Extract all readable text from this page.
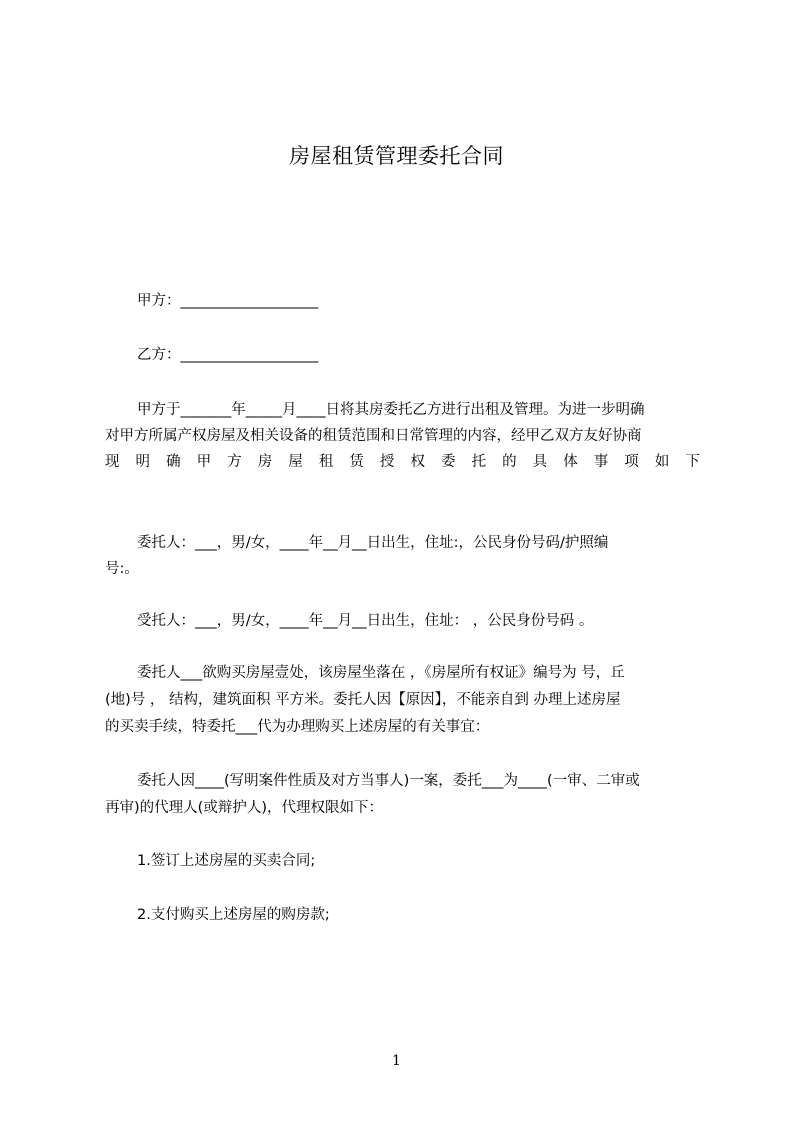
房屋租赁管理委托合同
甲方：___________________
乙方：___________________
甲方于_______年_____月____日将其房委托乙方进行出租及管理。为进一步明确
对甲方所属产权房屋及相关设备的租赁范围和日常管理的内容，经甲乙双方友好协商
现 明 确 甲 方 房 屋 租 赁 授 权 委 托 的 具 体 事 项 如 下
委托人：___，男/女，____年__月__日出生，住址:，公民身份号码/护照编
号:。
受托人：___，男/女，____年__月__日出生，住址： ，公民身份号码 。
委托人___欲购买房屋壹处，该房屋坐落在 ，《房屋所有权证》编号为 号，丘
(地)号 ， 结构，建筑面积 平方米。委托人因【原因】，不能亲自到 办理上述房屋
的买卖手续，特委托___代为办理购买上述房屋的有关事宜：
委托人因____(写明案件性质及对方当事人)一案，委托___为____(一审、二审或
再审)的代理人(或辩护人)，代理权限如下：
1.签订上述房屋的买卖合同;
2.支付购买上述房屋的购房款;
1
